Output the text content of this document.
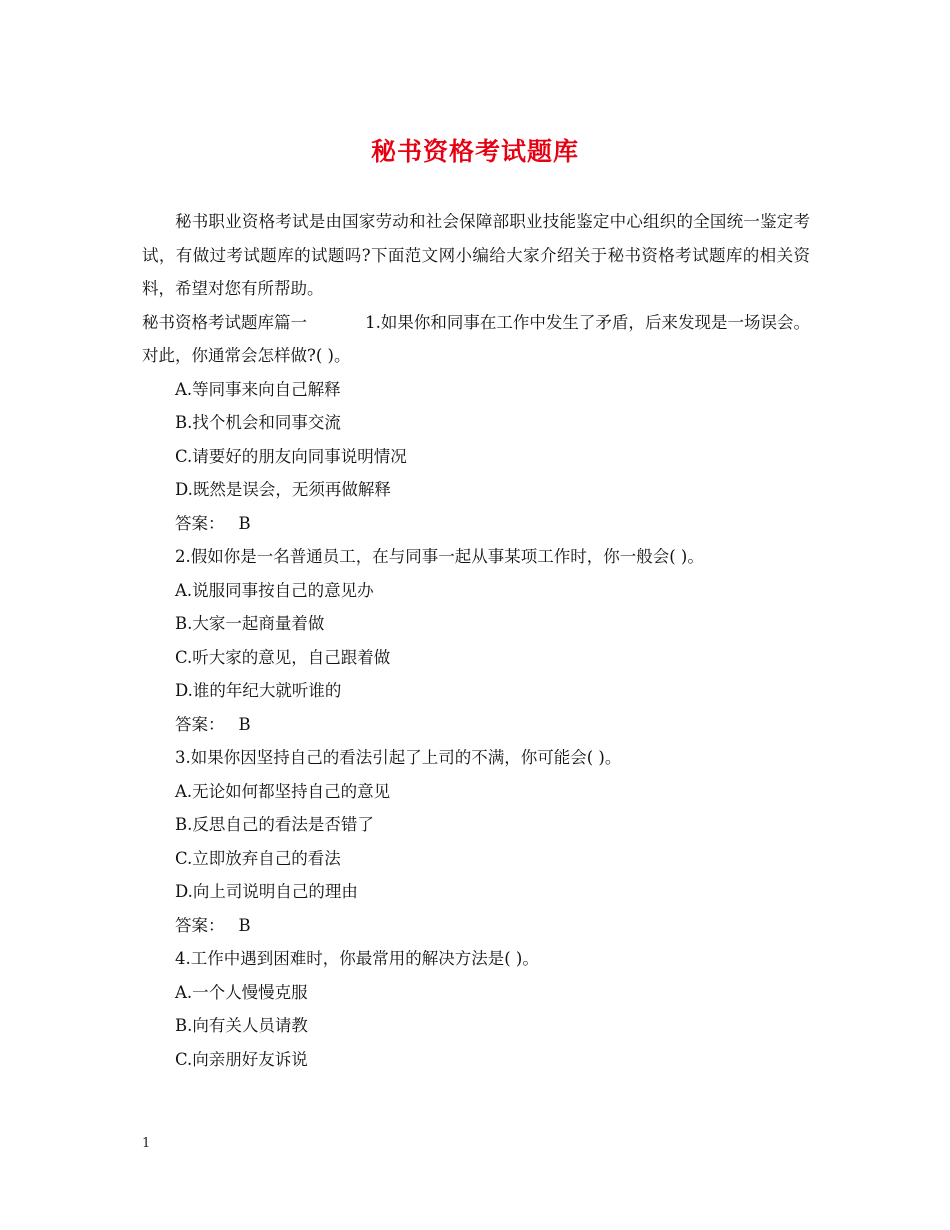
秘书资格考试题库

秘书职业资格考试是由国家劳动和社会保障部职业技能鉴定中心组织的全国统一鉴定考试，有做过考试题库的试题吗?下面范文网小编给大家介绍关于秘书资格考试题库的相关资料，希望对您有所帮助。

秘书资格考试题库篇一	1.如果你和同事在工作中发生了矛盾，后来发现是一场误会。对此，你通常会怎样做?( )。

A.等同事来向自己解释

B.找个机会和同事交流

C.请要好的朋友向同事说明情况

D.既然是误会，无须再做解释

答案： B

2.假如你是一名普通员工，在与同事一起从事某项工作时，你一般会( )。

A.说服同事按自己的意见办

B.大家一起商量着做

C.听大家的意见，自己跟着做

D.谁的年纪大就听谁的

答案： B

3.如果你因坚持自己的看法引起了上司的不满，你可能会( )。

A.无论如何都坚持自己的意见

B.反思自己的看法是否错了

C.立即放弃自己的看法

D.向上司说明自己的理由

答案： B

4.工作中遇到困难时，你最常用的解决方法是( )。

A.一个人慢慢克服

B.向有关人员请教

C.向亲朋好友诉说

1
